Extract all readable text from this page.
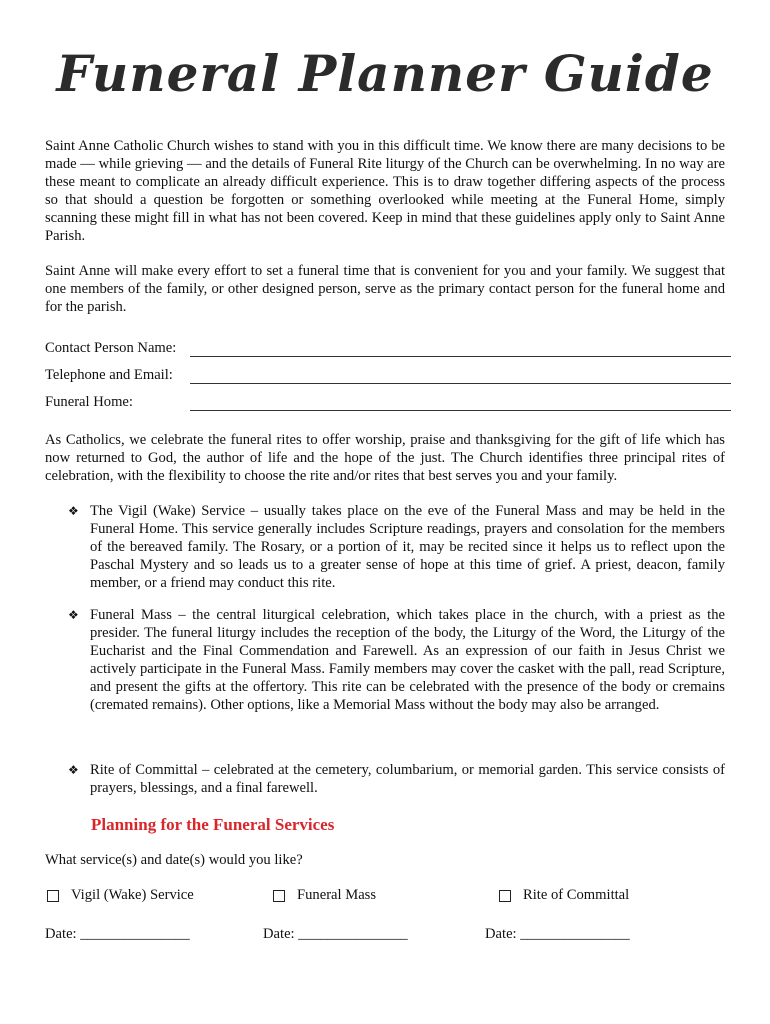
Funeral Planner Guide

Saint Anne Catholic Church wishes to stand with you in this difficult time. We know there are many decisions to be made — while grieving — and the details of Funeral Rite liturgy of the Church can be overwhelming. In no way are these meant to complicate an already difficult experience. This is to draw together differing aspects of the process so that should a question be forgotten or something overlooked while meeting at the Funeral Home, simply scanning these might fill in what has not been covered. Keep in mind that these guidelines apply only to Saint Anne Parish.

Saint Anne will make every effort to set a funeral time that is convenient for you and your family. We suggest that one members of the family, or other designed person, serve as the primary contact person for the funeral home and for the parish.

Contact Person Name:
Telephone and Email:
Funeral Home:

As Catholics, we celebrate the funeral rites to offer worship, praise and thanksgiving for the gift of life which has now returned to God, the author of life and the hope of the just. The Church identifies three principal rites of celebration, with the flexibility to choose the rite and/or rites that best serves you and your family.

❖ The Vigil (Wake) Service – usually takes place on the eve of the Funeral Mass and may be held in the Funeral Home. This service generally includes Scripture readings, prayers and consolation for the members of the bereaved family. The Rosary, or a portion of it, may be recited since it helps us to reflect upon the Paschal Mystery and so leads us to a greater sense of hope at this time of grief. A priest, deacon, family member, or a friend may conduct this rite.
❖ Funeral Mass – the central liturgical celebration, which takes place in the church, with a priest as the presider. The funeral liturgy includes the reception of the body, the Liturgy of the Word, the Liturgy of the Eucharist and the Final Commendation and Farewell. As an expression of our faith in Jesus Christ we actively participate in the Funeral Mass. Family members may cover the casket with the pall, read Scripture, and present the gifts at the offertory. This rite can be celebrated with the presence of the body or cremains (cremated remains). Other options, like a Memorial Mass without the body may also be arranged.
❖ Rite of Committal – celebrated at the cemetery, columbarium, or memorial garden. This service consists of prayers, blessings, and a final farewell.
Planning for the Funeral Services
What service(s) and date(s) would you like?
Vigil (Wake) Service	Funeral Mass	Rite of Committal
Date: _______________	Date: _______________	Date: _______________
